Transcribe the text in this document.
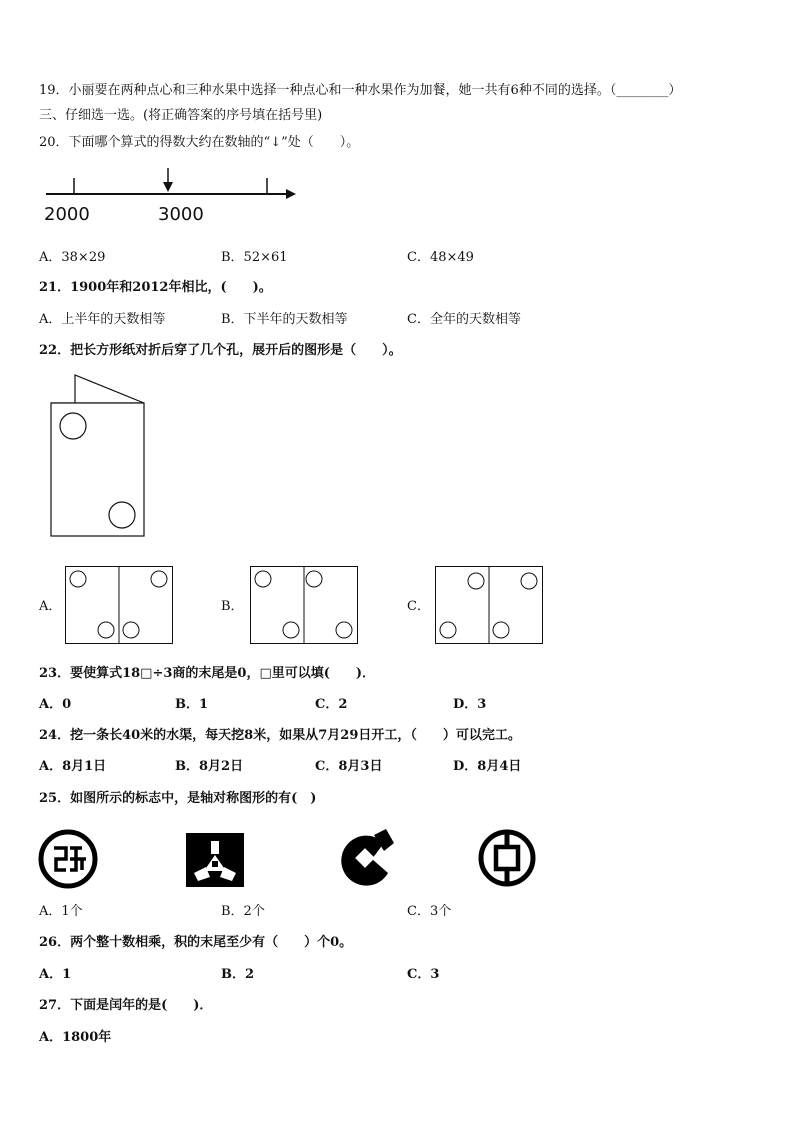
19．小丽要在两种点心和三种水果中选择一种点心和一种水果作为加餐，她一共有6种不同的选择。（________）
三、仔细选一选。(将正确答案的序号填在括号里)
20．下面哪个算式的得数大约在数轴的“↓”处（　　）。
2000	3000
A．38×29	B．52×61	C．48×49
21．1900年和2012年相比，(　　)。
A．上半年的天数相等	B．下半年的天数相等	C．全年的天数相等
22．把长方形纸对折后穿了几个孔，展开后的图形是（　　）。
A．	B．	C．
23．要使算式18□÷3商的末尾是0，□里可以填(　　)．
A．0	B．1	C．2	D．3
24．挖一条长40米的水渠，每天挖8米，如果从7月29日开工，（　　）可以完工。
A．8月1日	B．8月2日	C．8月3日	D．8月4日
25．如图所示的标志中，是轴对称图形的有(　)
A．1个	B．2个	C．3个
26．两个整十数相乘，积的末尾至少有（　　）个0。
A．1	B．2	C．3
27．下面是闰年的是(　　)．
A．1800年
